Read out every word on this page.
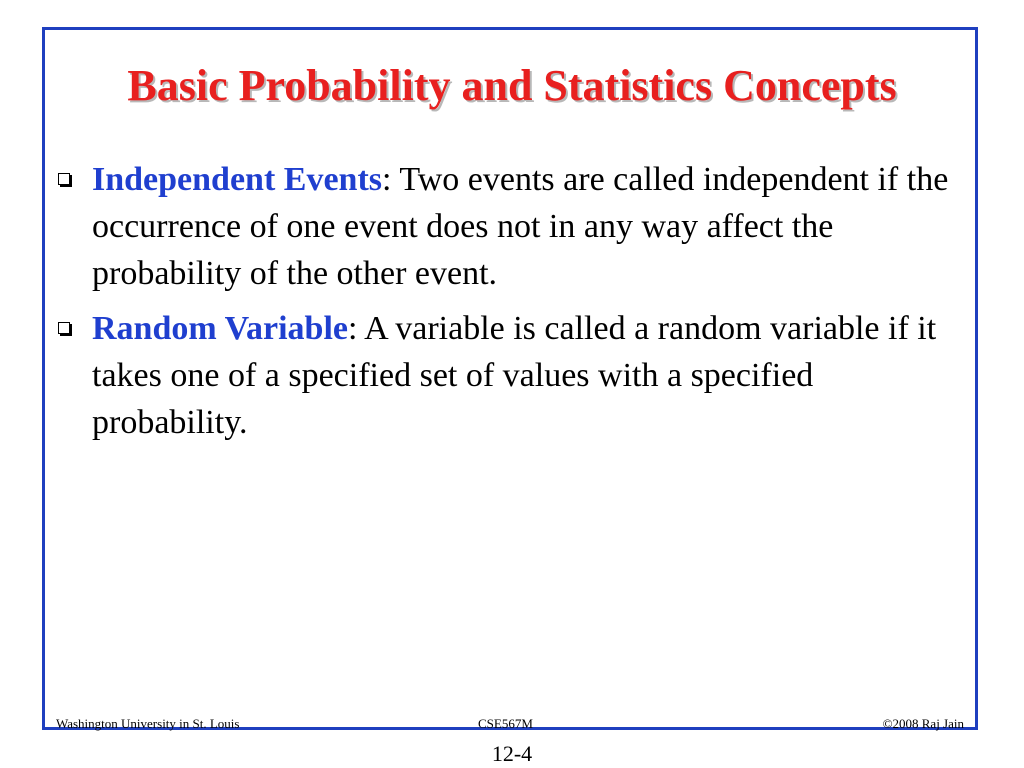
Basic Probability and Statistics Concepts
Independent Events: Two events are called independent if the occurrence of one event does not in any way affect the probability of the other event.
Random Variable: A variable is called a random variable if it takes one of a specified set of values with a specified probability.
Washington University in St. Louis	CSE567M	©2008 Raj Jain
12-4
